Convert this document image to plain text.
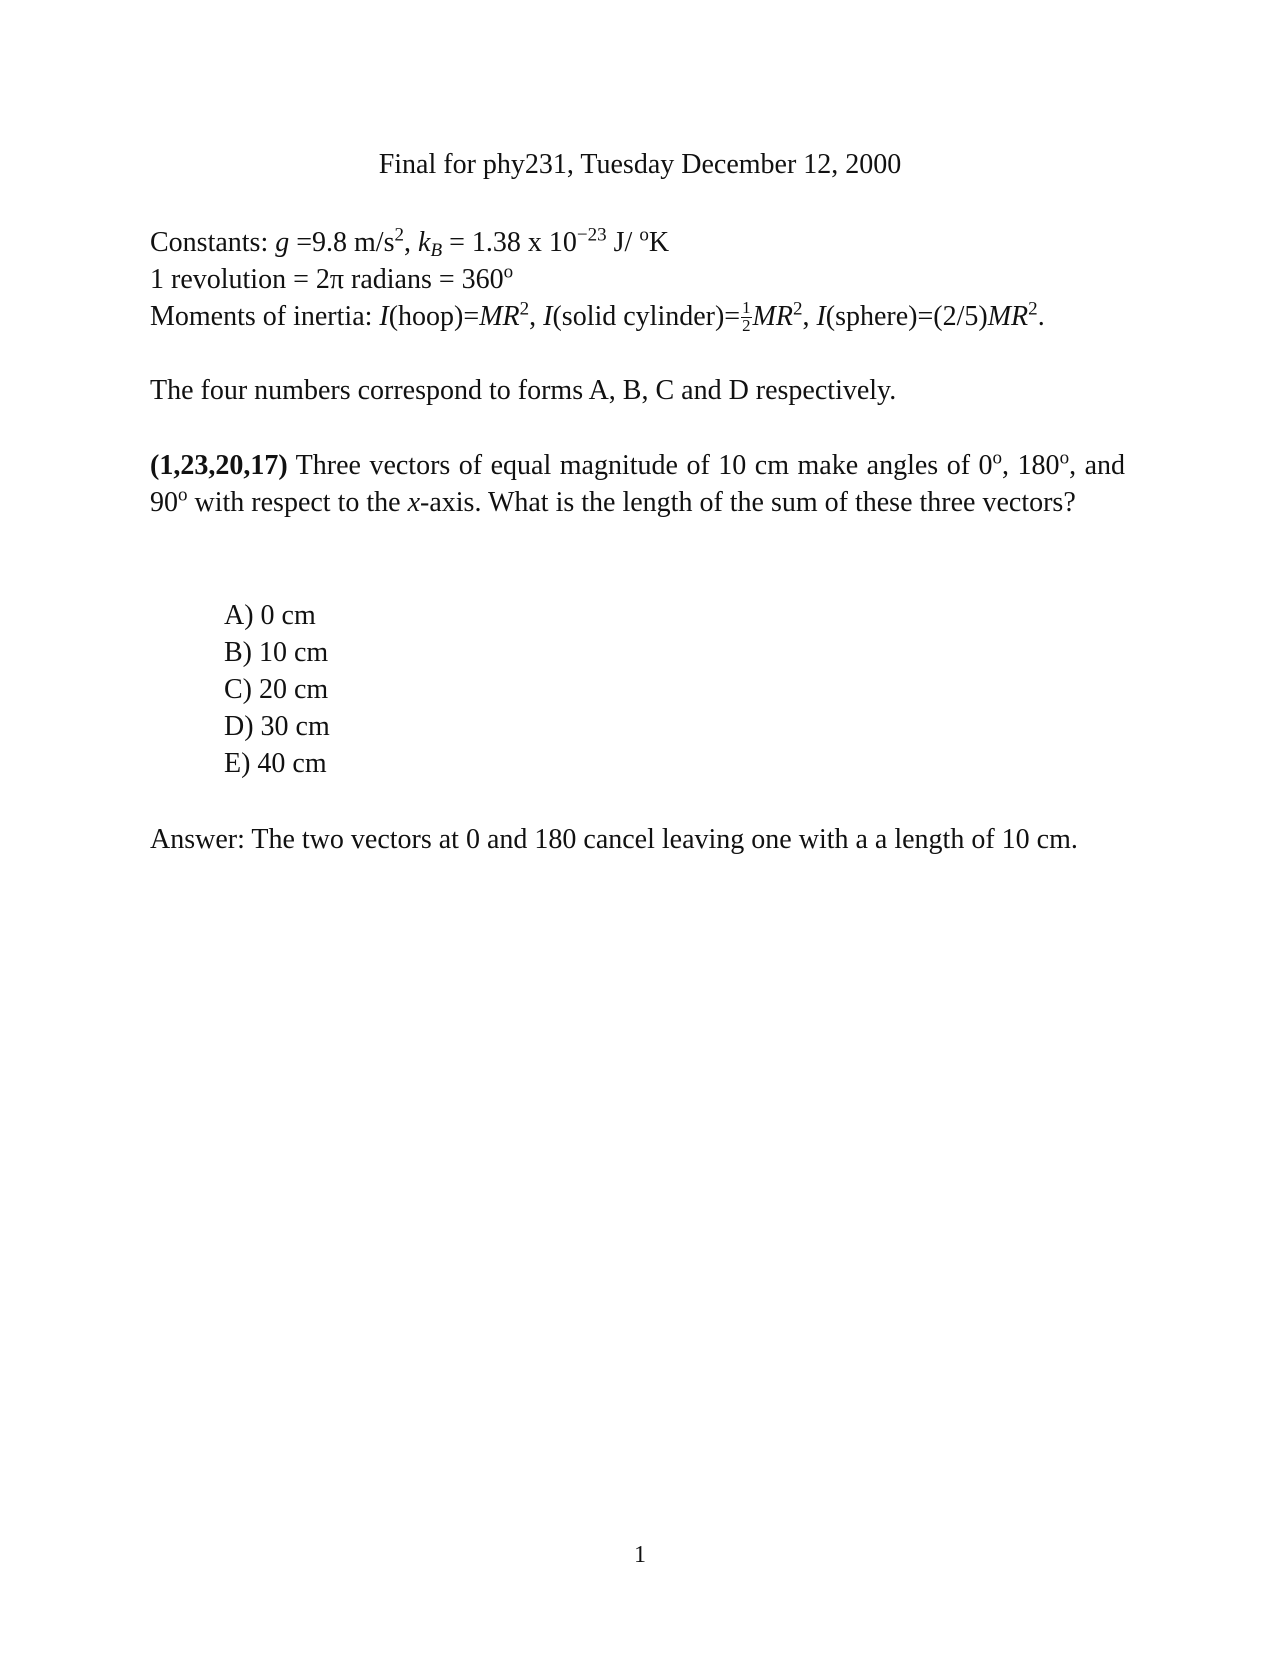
Final for phy231, Tuesday December 12, 2000
Constants: g =9.8 $m/s^2$, $k_B = 1.38$ x $10^{-23}$ J/ $^o$K
1 revolution = 2π radians = $360^o$
Moments of inertia: $I(hoop)=MR^2$, I(solid cylinder)= $\frac{1}{2} MR^2$, $I(sphere)=(2/5)MR^2$.
The four numbers correspond to forms A, B, C and D respectively.
(1,23,20,17) Three vectors of equal magnitude of 10 cm make angles of 0$^o$, 180$^o$, and 90$^o$ with respect to the x-axis. What is the length of the sum of these three vectors?
A) 0 cm
B) 10 cm
C) 20 cm
D) 30 cm
E) 40 cm
Answer: The two vectors at 0 and 180 cancel leaving one with a a length of 10 cm.
1
